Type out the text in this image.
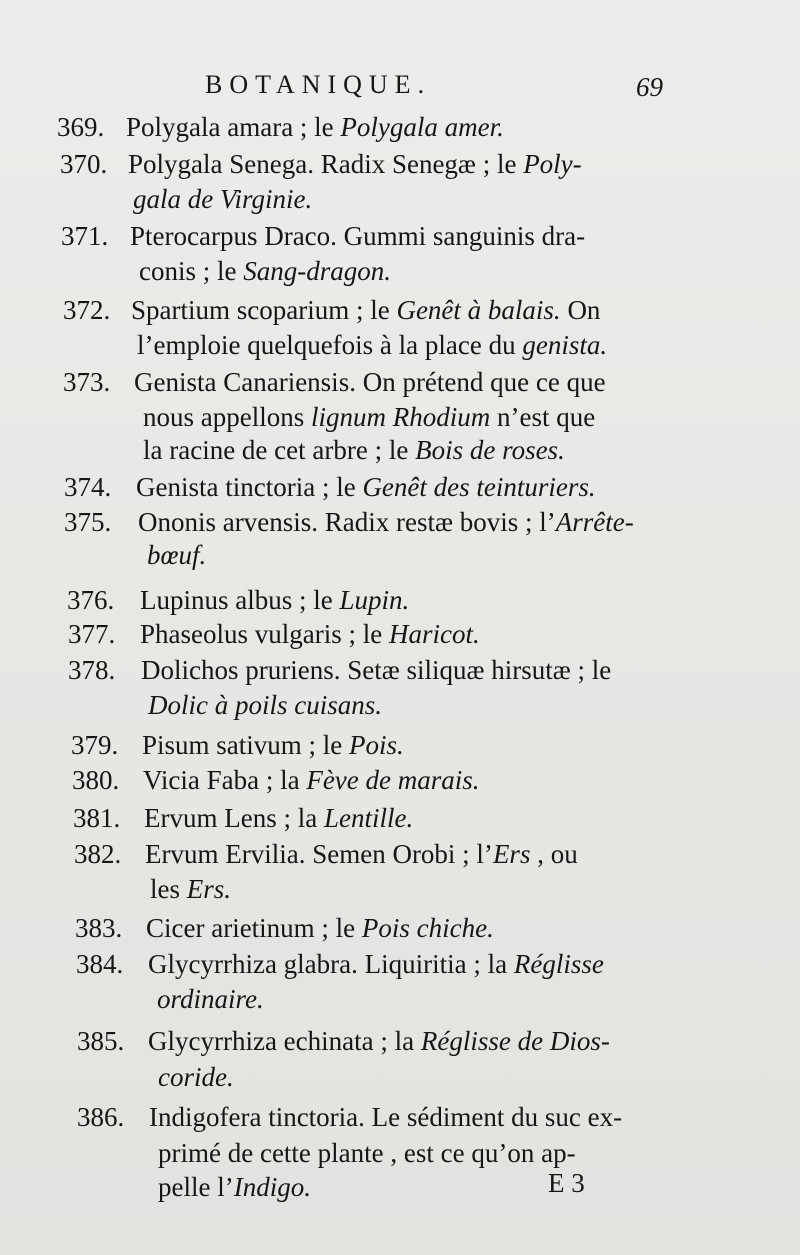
BOTANIQUE.	69
369. Polygala amara ; le Polygala amer.
370. Polygala Senega. Radix Senegæ ; le Poly-
gala de Virginie.
371. Pterocarpus Draco. Gummi sanguinis dra-
conis ; le Sang-dragon.
372. Spartium scoparium ; le Genêt à balais. On
l’emploie quelquefois à la place du genista.
373. Genista Canariensis. On prétend que ce que
nous appellons lignum Rhodium n’est que
la racine de cet arbre ; le Bois de roses.
374. Genista tinctoria ; le Genêt des teinturiers.
375. Ononis arvensis. Radix restæ bovis ; l’Arrête-
bœuf.
376. Lupinus albus ; le Lupin.
377. Phaseolus vulgaris ; le Haricot.
378. Dolichos pruriens. Setæ siliquæ hirsutæ ; le
Dolic à poils cuisans.
379. Pisum sativum ; le Pois.
380. Vicia Faba ; la Fève de marais.
381. Ervum Lens ; la Lentille.
382. Ervum Ervilia. Semen Orobi ; l’Ers , ou
les Ers.
383. Cicer arietinum ; le Pois chiche.
384. Glycyrrhiza glabra. Liquiritia ; la Réglisse
ordinaire.
385. Glycyrrhiza echinata ; la Réglisse de Dios-
coride.
386. Indigofera tinctoria. Le sédiment du suc ex-
primé de cette plante , est ce qu’on ap-
pelle l’Indigo.	E 3
